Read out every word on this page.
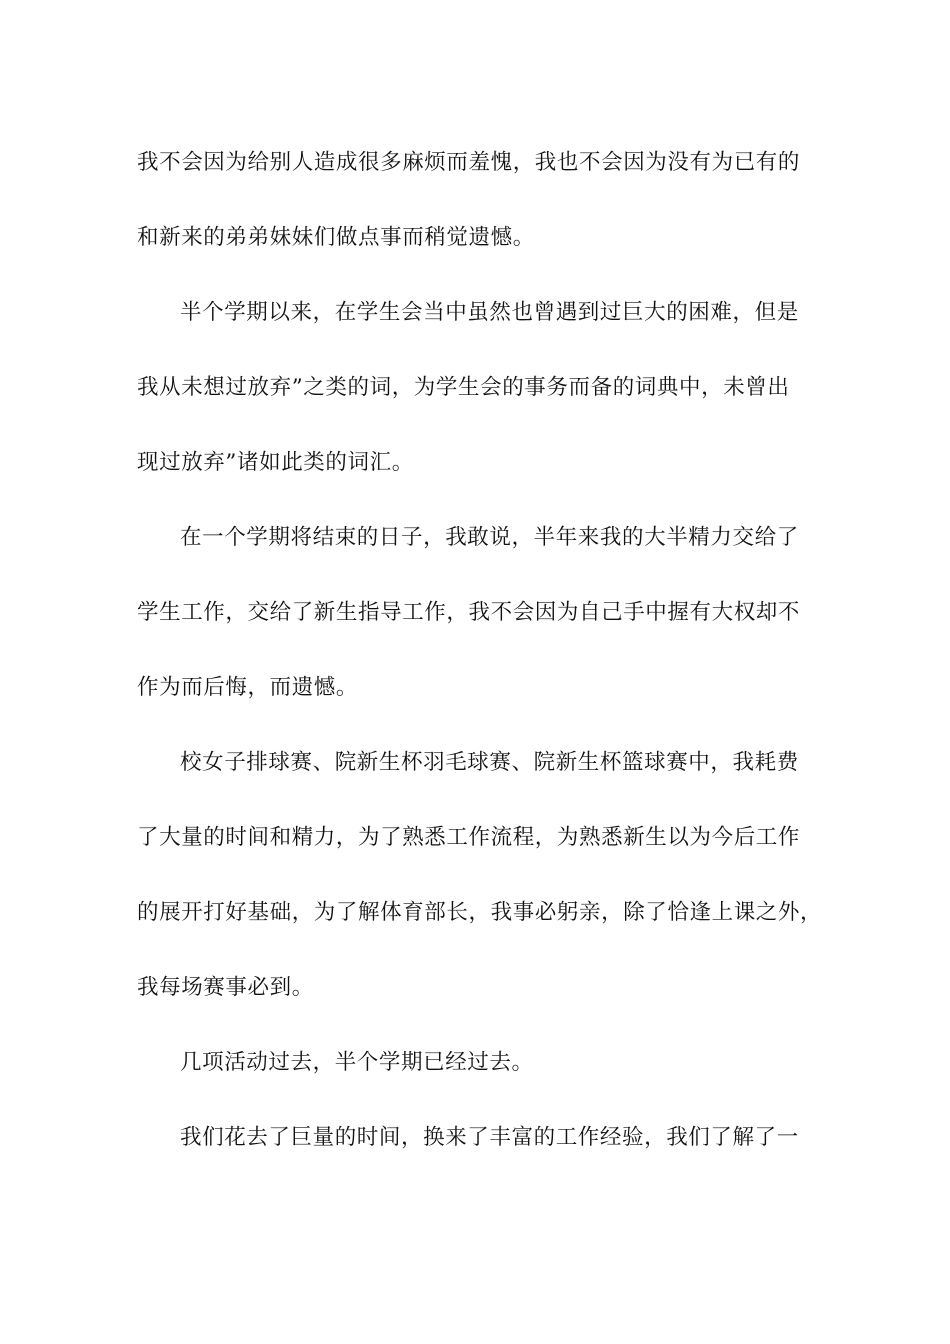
我不会因为给别人造成很多麻烦而羞愧，我也不会因为没有为已有的
和新来的弟弟妹妹们做点事而稍觉遗憾。
半个学期以来，在学生会当中虽然也曾遇到过巨大的困难，但是
我从未想过放弃”之类的词，为学生会的事务而备的词典中，未曾出
现过放弃”诸如此类的词汇。
在一个学期将结束的日子，我敢说，半年来我的大半精力交给了
学生工作，交给了新生指导工作，我不会因为自己手中握有大权却不
作为而后悔，而遗憾。
校女子排球赛、院新生杯羽毛球赛、院新生杯篮球赛中，我耗费
了大量的时间和精力，为了熟悉工作流程，为熟悉新生以为今后工作
的展开打好基础，为了解体育部长，我事必躬亲，除了恰逢上课之外，
我每场赛事必到。
几项活动过去，半个学期已经过去。
我们花去了巨量的时间，换来了丰富的工作经验，我们了解了一
